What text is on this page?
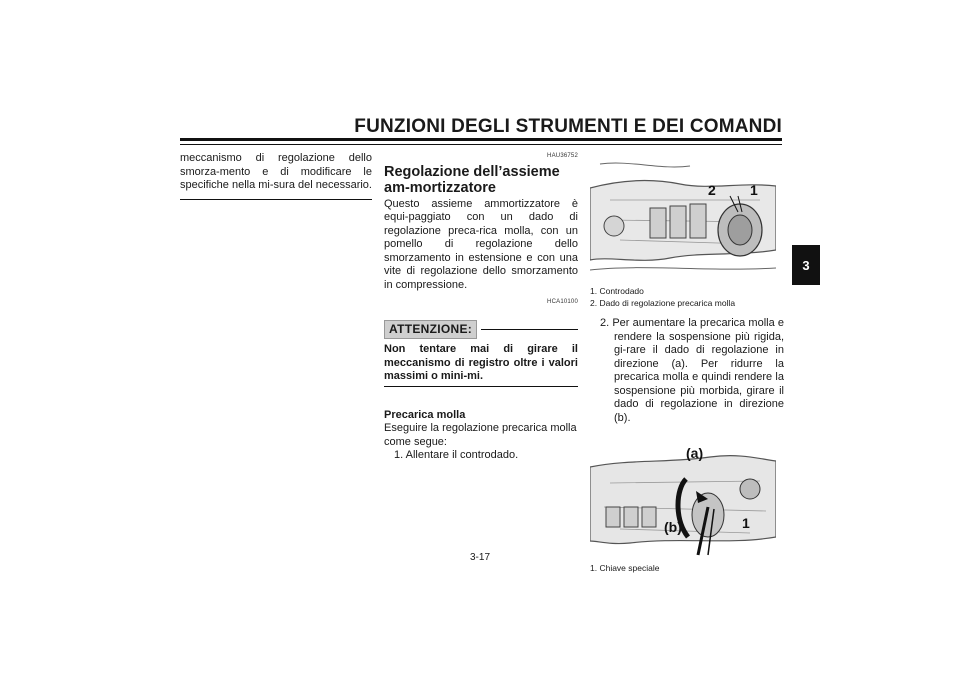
FUNZIONI DEGLI STRUMENTI E DEI COMANDI
3
meccanismo di regolazione dello smorza-mento e di modificare le specifiche nella mi-sura del necessario.
HAU36752
Regolazione dell’assieme am-mortizzatore
Questo assieme ammortizzatore è equi-paggiato con un dado di regolazione preca-rica molla, con un pomello di regolazione dello smorzamento in estensione e con una vite di regolazione dello smorzamento in compressione.
HCA10100
ATTENZIONE:
Non tentare mai di girare il meccanismo di registro oltre i valori massimi o mini-mi.
Precarica molla
Eseguire la regolazione precarica molla come segue:
1. Allentare il controdado.
2 1
1. Controdado
2. Dado di regolazione precarica molla
2. Per aumentare la precarica molla e rendere la sospensione più rigida, gi-rare il dado di regolazione in direzione (a). Per ridurre la precarica molla e quindi rendere la sospensione più morbida, girare il dado di regolazione in direzione (b).
(a)
(b)	1
1. Chiave speciale
3-17
